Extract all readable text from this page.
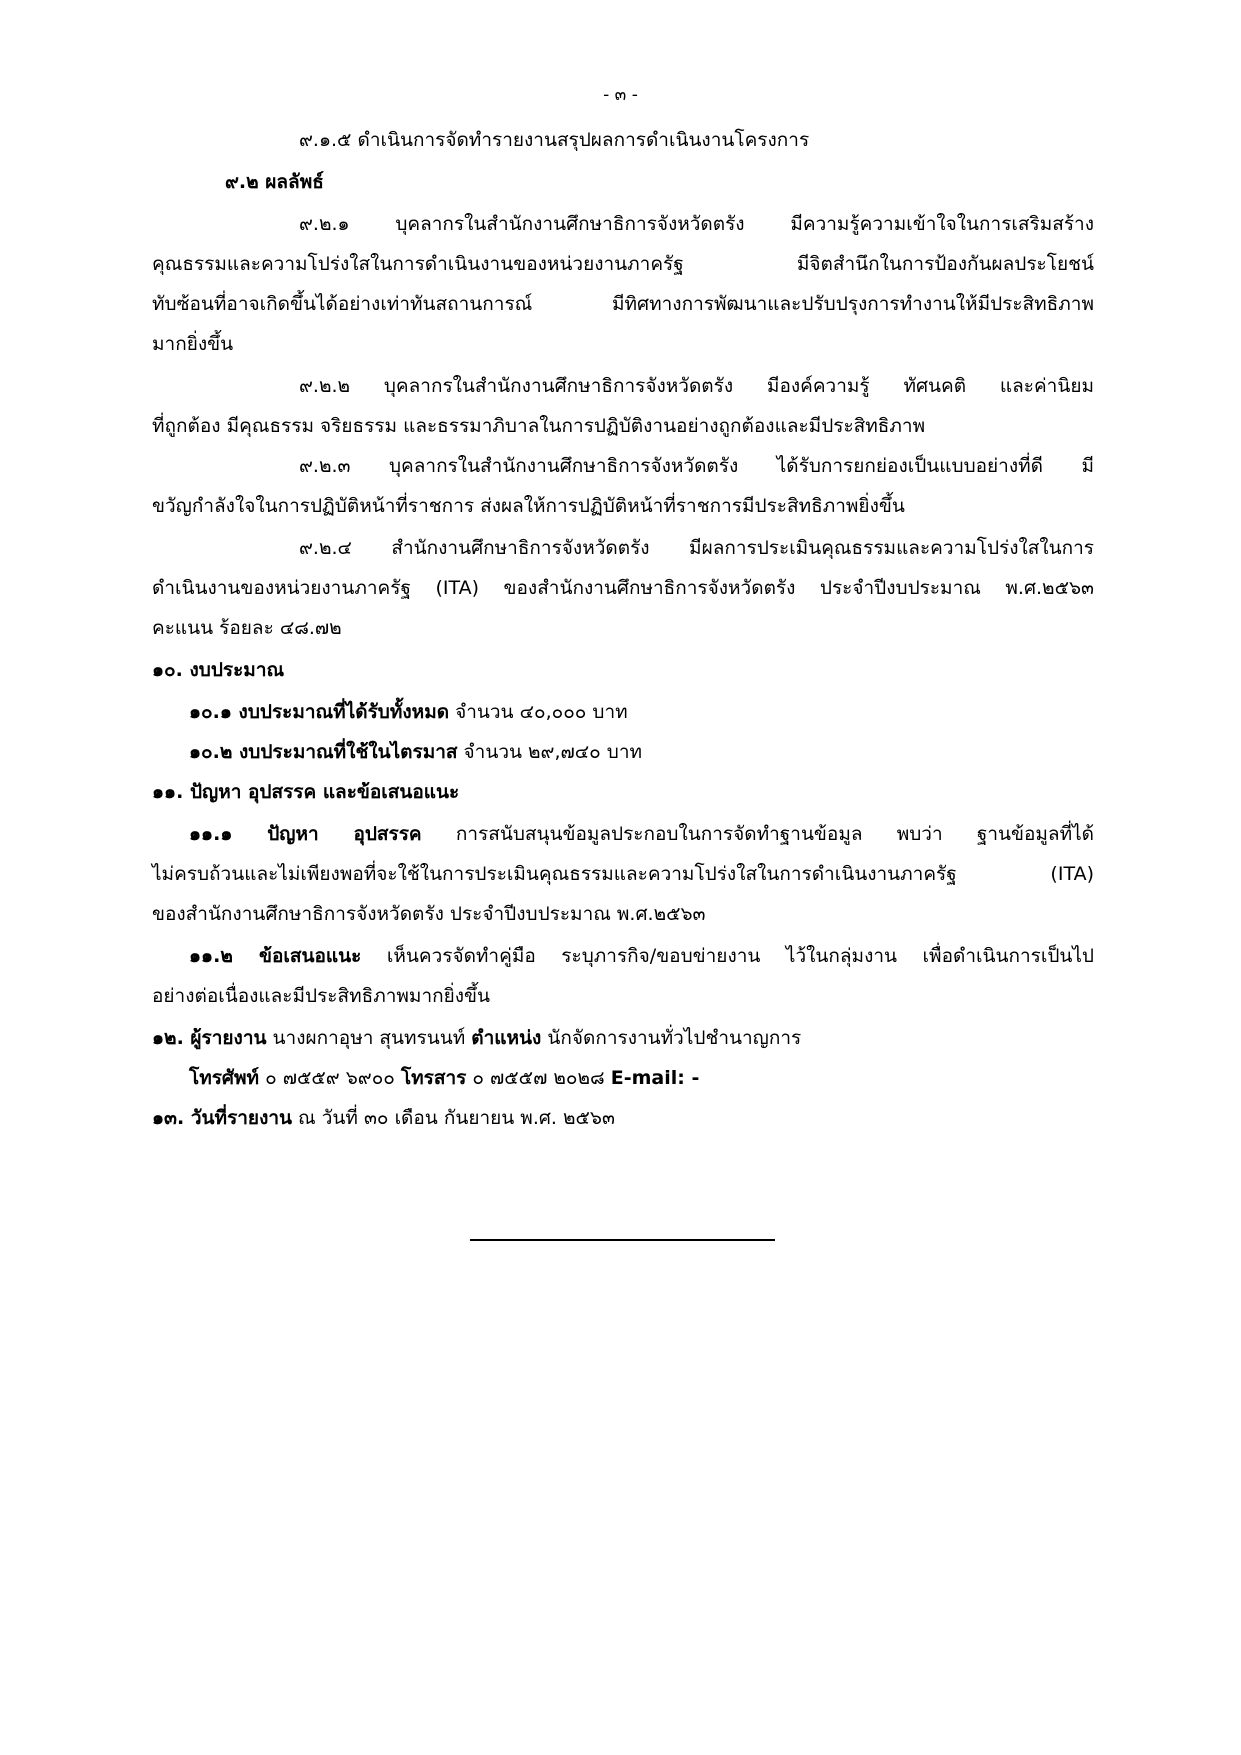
- ๓ -
๙.๑.๕ ดำเนินการจัดทำรายงานสรุปผลการดำเนินงานโครงการ
๙.๒ ผลลัพธ์
๙.๒.๑ บุคลากรในสำนักงานศึกษาธิการจังหวัดตรัง มีความรู้ความเข้าใจในการเสริมสร้าง
คุณธรรมและความโปร่งใสในการดำเนินงานของหน่วยงานภาครัฐ มีจิตสำนึกในการป้องกันผลประโยชน์
ทับซ้อนที่อาจเกิดขึ้นได้อย่างเท่าทันสถานการณ์ มีทิศทางการพัฒนาและปรับปรุงการทำงานให้มีประสิทธิภาพ
มากยิ่งขึ้น
๙.๒.๒ บุคลากรในสำนักงานศึกษาธิการจังหวัดตรัง มีองค์ความรู้ ทัศนคติ และค่านิยม
ที่ถูกต้อง มีคุณธรรม จริยธรรม และธรรมาภิบาลในการปฏิบัติงานอย่างถูกต้องและมีประสิทธิภาพ
๙.๒.๓ บุคลากรในสำนักงานศึกษาธิการจังหวัดตรัง ได้รับการยกย่องเป็นแบบอย่างที่ดี มี
ขวัญกำลังใจในการปฏิบัติหน้าที่ราชการ ส่งผลให้การปฏิบัติหน้าที่ราชการมีประสิทธิภาพยิ่งขึ้น
๙.๒.๔ สำนักงานศึกษาธิการจังหวัดตรัง มีผลการประเมินคุณธรรมและความโปร่งใสในการ
ดำเนินงานของหน่วยงานภาครัฐ (ITA) ของสำนักงานศึกษาธิการจังหวัดตรัง ประจำปีงบประมาณ พ.ศ.๒๕๖๓
คะแนน ร้อยละ ๔๘.๗๒
๑๐. งบประมาณ
๑๐.๑ งบประมาณที่ได้รับทั้งหมด จำนวน ๔๐,๐๐๐ บาท
๑๐.๒ งบประมาณที่ใช้ในไตรมาส จำนวน ๒๙,๗๔๐ บาท
๑๑. ปัญหา อุปสรรค และข้อเสนอแนะ
๑๑.๑ ปัญหา อุปสรรค การสนับสนุนข้อมูลประกอบในการจัดทำฐานข้อมูล พบว่า ฐานข้อมูลที่ได้
ไม่ครบถ้วนและไม่เพียงพอที่จะใช้ในการประเมินคุณธรรมและความโปร่งใสในการดำเนินงานภาครัฐ (ITA)
ของสำนักงานศึกษาธิการจังหวัดตรัง ประจำปีงบประมาณ พ.ศ.๒๕๖๓
๑๑.๒ ข้อเสนอแนะ เห็นควรจัดทำคู่มือ ระบุภารกิจ/ขอบข่ายงาน ไว้ในกลุ่มงาน เพื่อดำเนินการเป็นไป
อย่างต่อเนื่องและมีประสิทธิภาพมากยิ่งขึ้น
๑๒. ผู้รายงาน นางผกาอุษา สุนทรนนท์ ตำแหน่ง นักจัดการงานทั่วไปชำนาญการ
โทรศัพท์ ๐ ๗๕๕๙ ๖๙๐๐ โทรสาร ๐ ๗๕๕๗ ๒๐๒๘ E-mail: -
๑๓. วันที่รายงาน ณ วันที่ ๓๐ เดือน กันยายน พ.ศ. ๒๕๖๓
